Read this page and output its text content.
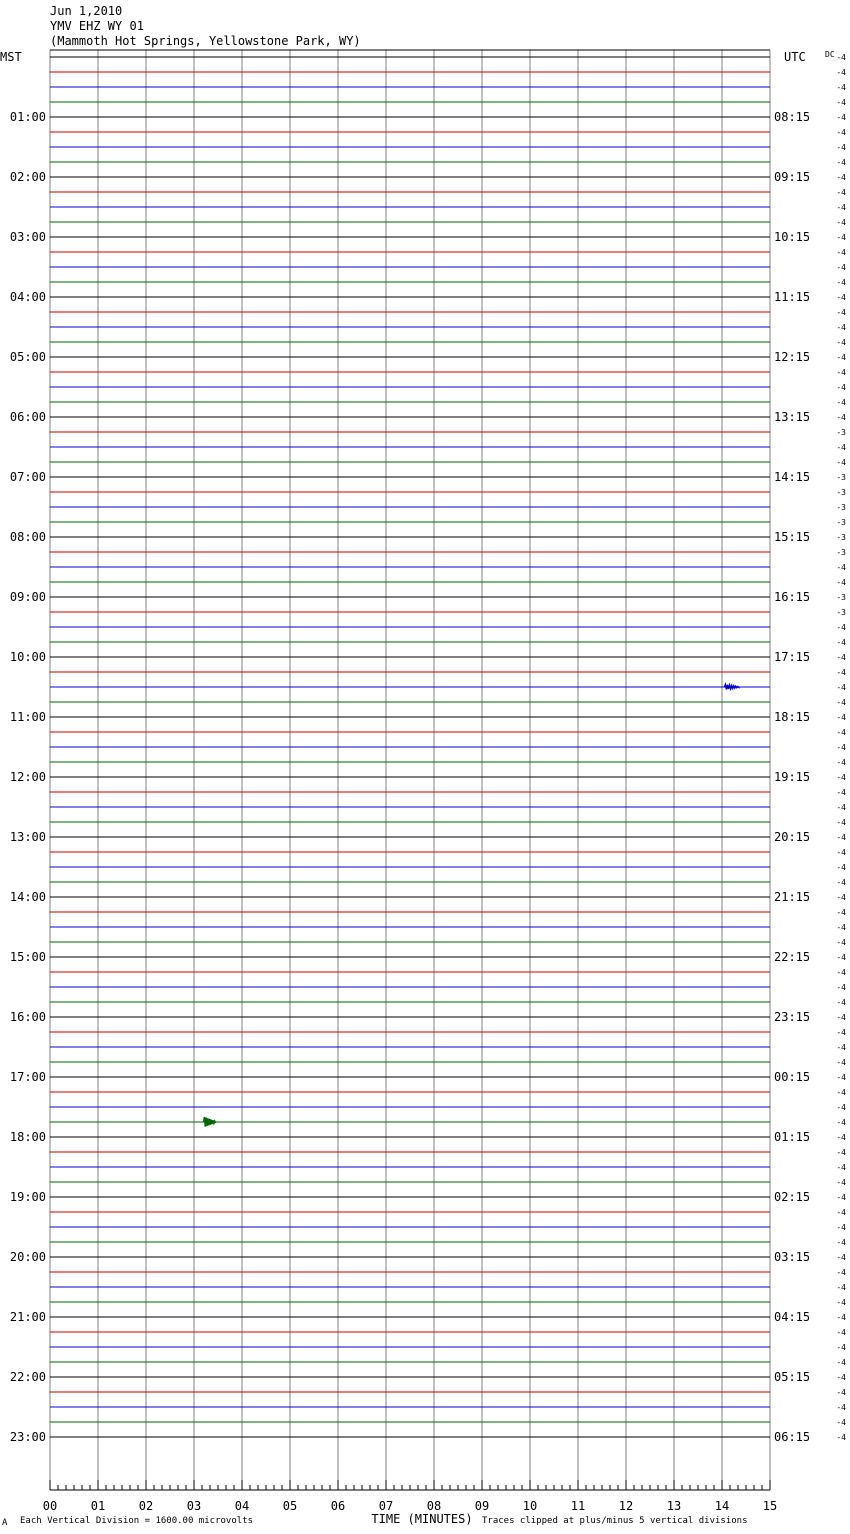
Jun 1,2010
YMV EHZ WY 01
(Mammoth Hot Springs, Yellowstone Park, WY)
MST	UTC DC
01:00
02:00
03:00
04:00
05:00
06:00
07:00
08:00
09:00
10:00
11:00
12:00
13:00
14:00
15:00
16:00
17:00
18:00
19:00
20:00
21:00
22:00
23:00
08:15
09:15
10:15
11:15
12:15
13:15
14:15
15:15
16:15
17:15
18:15
19:15
20:15
21:15
22:15
23:15
00:15
01:15
02:15
03:15
04:15
05:15
06:15
-4
-4
-4
-4
-4
-4
-4
-4
-4
-4
-4
-4
-4
-4
-4
-4
-4
-4
-4
-4
-4
-4
-4
-4
-4
-3
-4
-4
-3
-3
-3
-3
-3
-3
-4
-4
-3
-3
-4
-4
-4
-4
-4
-4
-4
-4
-4
-4
-4
-4
-4
-4
-4
-4
-4
-4
-4
-4
-4
-4
-4
-4
-4
-4
-4
-4
-4
-4
-4
-4
-4
-4
-4
-4
-4
-4
-4
-4
-4
-4
-4
-4
-4
-4
-4
-4
-4
-4
-4
-4
-4
-4
-4
00	01	02	03	04	05	06	07	08	09	10	11	12	13	14	15
TIME (MINUTES)
A Each Vertical Division = 1600.00 microvolts	Traces clipped at plus/minus 5 vertical divisions
